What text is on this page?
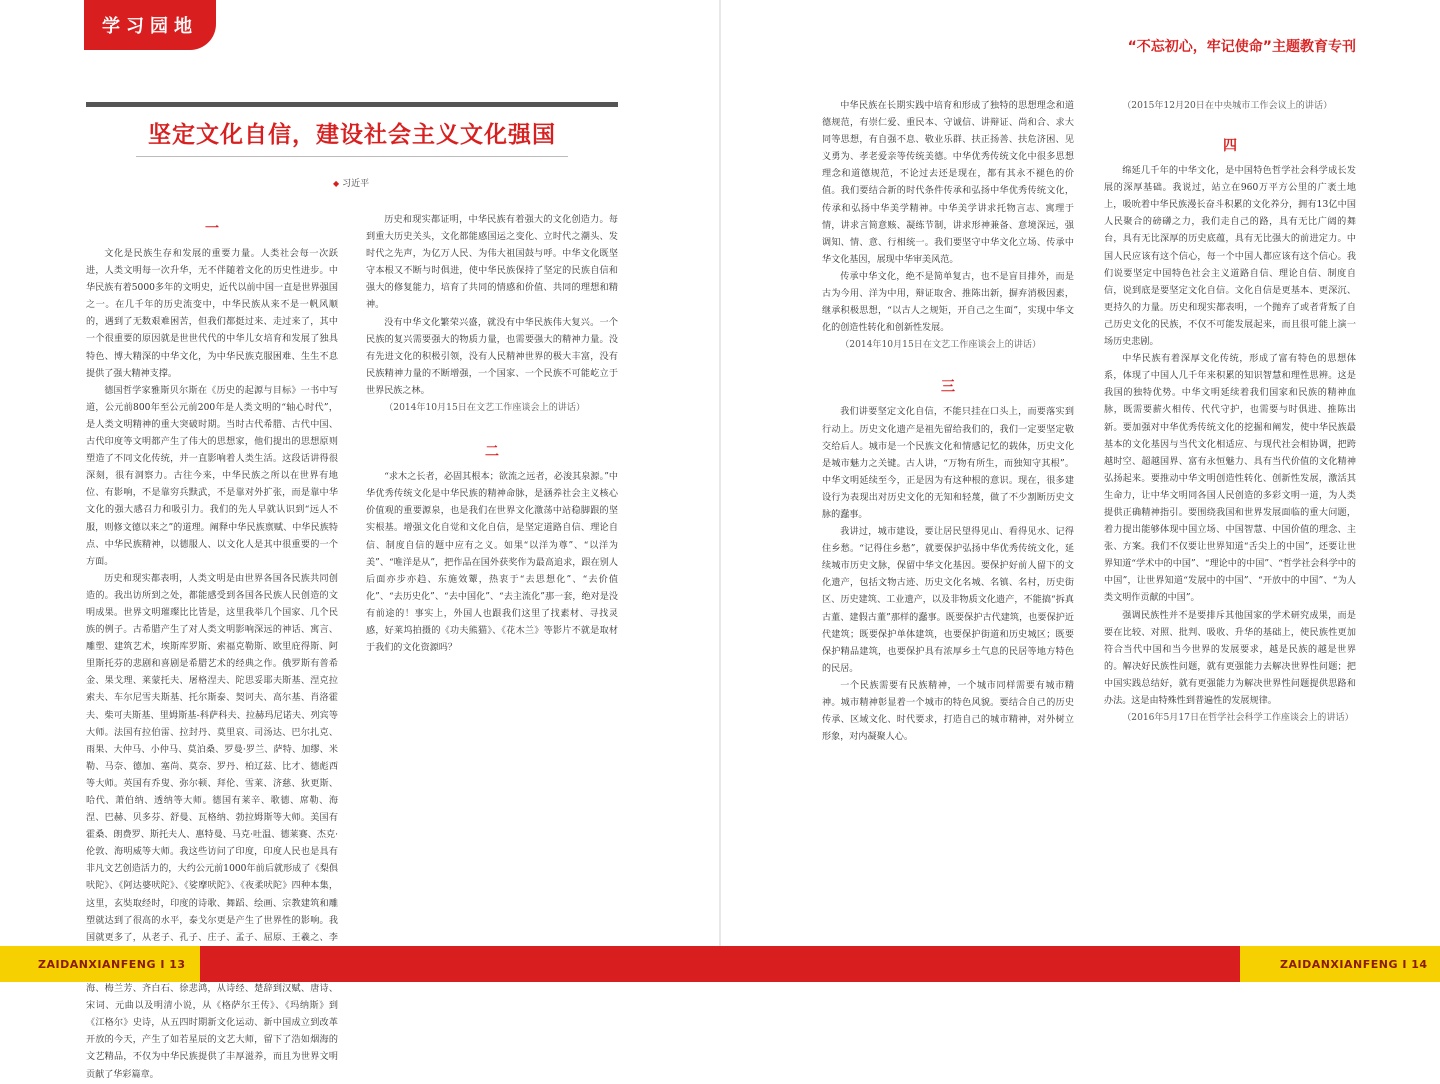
学习园地
坚定文化自信，建设社会主义文化强国
◆ 习近平
一

文化是民族生存和发展的重要力量。人类社会每一次跃进，人类文明每一次升华，无不伴随着文化的历史性进步。中华民族有着5000多年的文明史，近代以前中国一直是世界强国之一。在几千年的历史流变中，中华民族从来不是一帆风顺的，遇到了无数艰难困苦，但我们都挺过来、走过来了，其中一个很重要的原因就是世世代代的中华儿女培育和发展了独具特色、博大精深的中华文化，为中华民族克服困难、生生不息提供了强大精神支撑。

德国哲学家雅斯贝尔斯在《历史的起源与目标》一书中写道，公元前800年至公元前200年是人类文明的“轴心时代”，是人类文明精神的重大突破时期。当时古代希腊、古代中国、古代印度等文明都产生了伟大的思想家，他们提出的思想原则塑造了不同文化传统，并一直影响着人类生活。这段话讲得很深刻，很有洞察力。古往今来，中华民族之所以在世界有地位、有影响，不是靠穷兵黩武，不是靠对外扩张，而是靠中华文化的强大感召力和吸引力。我们的先人早就认识到“远人不服，则修文德以来之”的道理。阐释中华民族禀赋、中华民族特点、中华民族精神，以德服人、以文化人是其中很重要的一个方面。

历史和现实都表明，人类文明是由世界各国各民族共同创造的。我出访所到之处，都能感受到各国各民族人民创造的文明成果。世界文明璀璨比比皆是，这里我举几个国家、几个民族的例子。古希腊产生了对人类文明影响深远的神话、寓言、雕塑、建筑艺术，埃斯库罗斯、索福克勒斯、欧里庇得斯、阿里斯托芬的悲剧和喜剧是希腊艺术的经典之作。俄罗斯有普希金、果戈理、莱蒙托夫、屠格涅夫、陀思妥耶夫斯基、涅克拉索夫、车尔尼雪夫斯基、托尔斯泰、契诃夫、高尔基、肖洛霍夫、柴可夫斯基、里姆斯基-科萨科夫、拉赫玛尼诺夫、列宾等大师。法国有拉伯雷、拉封丹、莫里哀、司汤达、巴尔扎克、雨果、大仲马、小仲马、莫泊桑、罗曼·罗兰、萨特、加缪、米勒、马奈、德加、塞尚、莫奈、罗丹、柏辽兹、比才、德彪西等大师。英国有乔叟、弥尔顿、拜伦、雪莱、济慈、狄更斯、哈代、萧伯纳、透纳等大师。德国有莱辛、歌德、席勒、海涅、巴赫、贝多芬、舒曼、瓦格纳、勃拉姆斯等大师。美国有霍桑、朗费罗、斯托夫人、惠特曼、马克·吐温、德莱赛、杰克·伦敦、海明威等大师。我这些访问了印度，印度人民也是具有非凡文艺创造活力的，大约公元前1000年前后就形成了《梨俱吠陀》、《阿达婆吠陀》、《娑摩吠陀》、《夜柔吠陀》四种本集，这里，玄奘取经时，印度的诗歌、舞蹈、绘画、宗教建筑和雕塑就达到了很高的水平，泰戈尔更是产生了世界性的影响。我国就更多了，从老子、孔子、庄子、孟子、屈原、王羲之、李 海、梅兰芳、齐白石、徐悲鸿，从诗经、楚辞到汉赋、唐诗、宋词、元曲以及明清小说，从《格萨尔王传》、《玛纳斯》到《江格尔》史诗，从五四时期新文化运动、新中国成立到改革开放的今天，产生了如若星辰的文艺大师，留下了浩如烟海的文艺精品，不仅为中华民族提供了丰厚滋养，而且为世界文明贡献了华彩篇章。

历史和现实都证明，中华民族有着强大的文化创造力。每到重大历史关头，文化都能感国运之变化、立时代之潮头、发时代之先声，为亿万人民、为伟大祖国鼓与呼。中华文化既坚守本根又不断与时俱进，使中华民族保持了坚定的民族自信和强大的修复能力，培育了共同的情感和价值、共同的理想和精神。

没有中华文化繁荣兴盛，就没有中华民族伟大复兴。一个民族的复兴需要强大的物质力量，也需要强大的精神力量。没有先进文化的积极引领，没有人民精神世界的极大丰富，没有民族精神力量的不断增强，一个国家、一个民族不可能屹立于世界民族之林。

（2014年10月15日在文艺工作座谈会上的讲话）

二

“求木之长者，必固其根本；欲流之远者，必浚其泉源。”中华优秀传统文化是中华民族的精神命脉，是涵养社会主义核心价值观的重要源泉，也是我们在世界文化激荡中站稳脚跟的坚实根基。增强文化自觉和文化自信，是坚定道路自信、理论自信、制度自信的题中应有之义。如果“以洋为尊”、“以洋为美”、“唯洋是从”，把作品在国外获奖作为最高追求，跟在别人后面亦步亦趋、东施效颦，热衷于“去思想化”、“去价值化”、“去历史化”、“去中国化”、“去主流化”那一套，绝对是没有前途的！事实上，外国人也跟我们这里了找素材、寻找灵感，好莱坞拍摄的《功夫熊猫》、《花木兰》等影片不就是取材于我们的文化资源吗？

“不忘初心，牢记使命”主题教育专刊

中华民族在长期实践中培育和形成了独特的思想理念和道德规范，有崇仁爱、重民本、守诚信、讲辩证、尚和合、求大同等思想，有自强不息、敬业乐群、扶正扬善、扶危济困、见义勇为、孝老爱亲等传统美德。中华优秀传统文化中很多思想理念和道德规范，不论过去还是现在，都有其永不褪色的价值。我们要结合新的时代条件传承和弘扬中华优秀传统文化，传承和弘扬中华美学精神。中华美学讲求托物言志、寓理于情，讲求言简意赅、凝练节制，讲求形神兼备、意境深远，强调知、情、意、行相统一。我们要坚守中华文化立场、传承中华文化基因，展现中华审美风范。

传承中华文化，绝不是简单复古，也不是盲目排外，而是古为今用、洋为中用，辩证取舍、推陈出新，摒弃消极因素，继承积极思想，“以古人之规矩，开自己之生面”，实现中华文化的创造性转化和创新性发展。

（2014年10月15日在文艺工作座谈会上的讲话）

三

我们讲要坚定文化自信，不能只挂在口头上，而要落实到行动上。历史文化遗产是祖先留给我们的，我们一定要坚定敬交给后人。城市是一个民族文化和情感记忆的载体，历史文化是城市魅力之关键。古人讲，“万物有所生，而独知守其根”。中华文明延续至今，正是因为有这种根的意识。现在，很多建设行为表现出对历史文化的无知和轻蔑，做了不少割断历史文脉的蠢事。

我讲过，城市建设，要让居民望得见山、看得见水、记得住乡愁。“记得住乡愁”，就要保护弘扬中华优秀传统文化，延续城市历史文脉，保留中华文化基因。要保护好前人留下的文化遗产，包括文物古迹、历史文化名城、名镇、名村，历史街区、历史建筑、工业遗产，以及非物质文化遗产，不能搞“拆真古董、建假古董”那样的蠢事。既要保护古代建筑，也要保护近代建筑；既要保护单体建筑，也要保护街道和历史城区；既要保护精品建筑，也要保护具有浓厚乡土气息的民居等地方特色的民居。

一个民族需要有民族精神，一个城市同样需要有城市精神。城市精神彰显着一个城市的特色风貌。要结合自己的历史传承、区域文化、时代要求，打造自己的城市精神，对外树立形象，对内凝聚人心。

（2015年12月20日在中央城市工作会议上的讲话）

四

绵延几千年的中华文化，是中国特色哲学社会科学成长发展的深厚基础。我说过，站立在960万平方公里的广袤土地上，吸吮着中华民族漫长奋斗积累的文化养分，拥有13亿中国人民聚合的磅礴之力，我们走自己的路，具有无比广阔的舞台，具有无比深厚的历史底蕴，具有无比强大的前进定力。中国人民应该有这个信心，每一个中国人都应该有这个信心。我们说要坚定中国特色社会主义道路自信、理论自信、制度自信，说到底是要坚定文化自信。文化自信是更基本、更深沉、更持久的力量。历史和现实都表明，一个抛弃了或者背叛了自己历史文化的民族，不仅不可能发展起来，而且很可能上演一场历史悲剧。

中华民族有着深厚文化传统，形成了富有特色的思想体系，体现了中国人几千年来积累的知识智慧和理性思辨。这是我国的独特优势。中华文明延续着我们国家和民族的精神血脉，既需要薪火相传、代代守护，也需要与时俱进、推陈出新。要加强对中华优秀传统文化的挖掘和阐发，使中华民族最基本的文化基因与当代文化相适应、与现代社会相协调，把跨越时空、超越国界、富有永恒魅力、具有当代价值的文化精神弘扬起来。要推动中华文明创造性转化、创新性发展，激活其生命力，让中华文明同各国人民创造的多彩文明一道，为人类提供正确精神指引。要围绕我国和世界发展面临的重大问题，着力提出能够体现中国立场、中国智慧、中国价值的理念、主张、方案。我们不仅要让世界知道“舌尖上的中国”，还要让世界知道“学术中的中国”、“理论中的中国”、“哲学社会科学中的中国”，让世界知道“发展中的中国”、“开放中的中国”、“为人类文明作贡献的中国”。

强调民族性并不是要排斥其他国家的学术研究成果，而是要在比较、对照、批判、吸收、升华的基础上，使民族性更加符合当代中国和当今世界的发展要求，越是民族的越是世界的。解决好民族性问题，就有更强能力去解决世界性问题；把中国实践总结好，就有更强能力为解决世界性问题提供思路和办法。这是由特殊性到普遍性的发展规律。

（2016年5月17日在哲学社会科学工作座谈会上的讲话）

ZAIDANXIANFENG I 13	ZAIDANXIANFENG I 14
